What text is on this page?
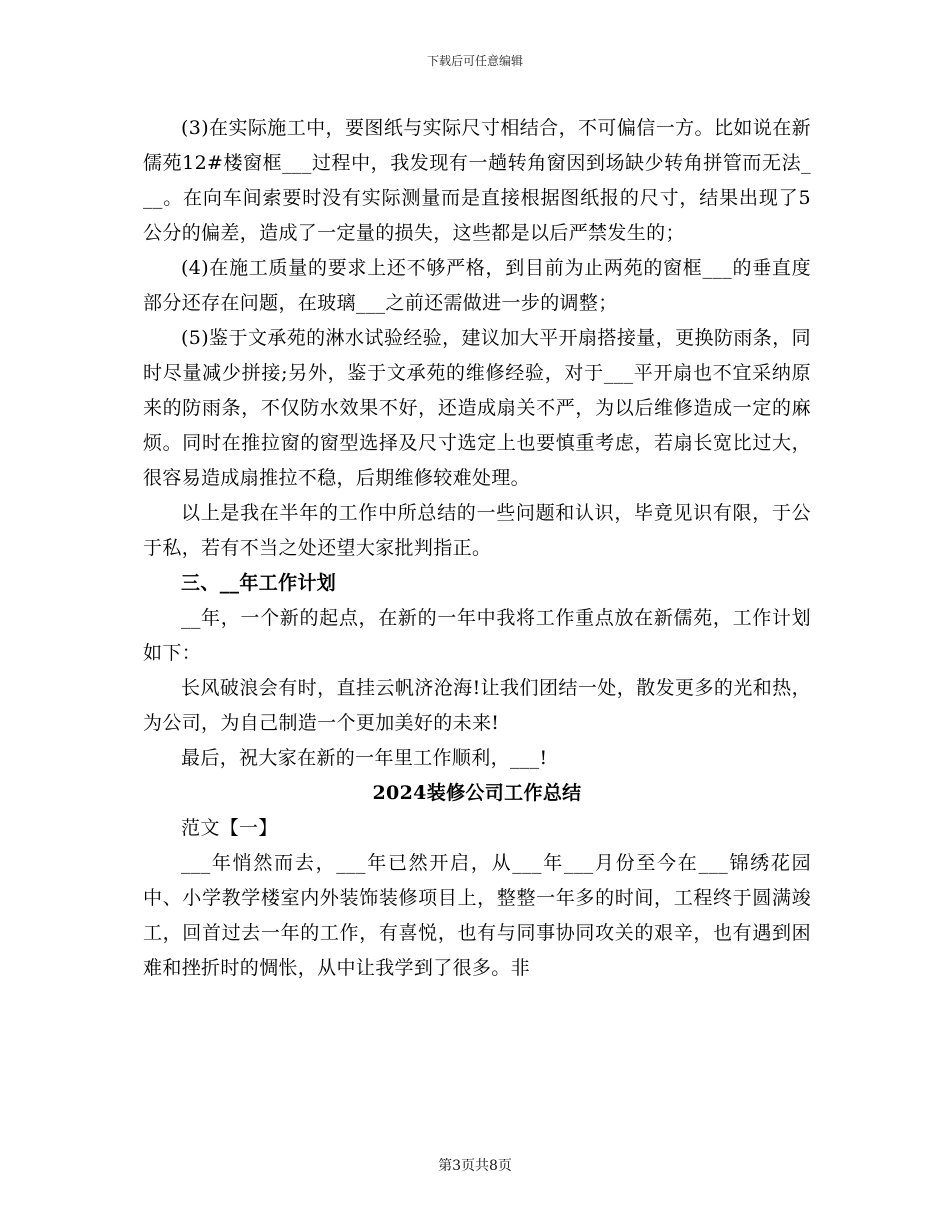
下载后可任意编辑

(3)在实际施工中，要图纸与实际尺寸相结合，不可偏信一方。比如说在新儒苑12#楼窗框___过程中，我发现有一趟转角窗因到场缺少转角拼管而无法___。在向车间索要时没有实际测量而是直接根据图纸报的尺寸，结果出现了5公分的偏差，造成了一定量的损失，这些都是以后严禁发生的；

(4)在施工质量的要求上还不够严格，到目前为止两苑的窗框___的垂直度部分还存在问题，在玻璃___之前还需做进一步的调整；

(5)鉴于文承苑的淋水试验经验，建议加大平开扇搭接量，更换防雨条，同时尽量减少拼接;另外，鉴于文承苑的维修经验，对于___平开扇也不宜采纳原来的防雨条，不仅防水效果不好，还造成扇关不严，为以后维修造成一定的麻烦。同时在推拉窗的窗型选择及尺寸选定上也要慎重考虑，若扇长宽比过大，很容易造成扇推拉不稳，后期维修较难处理。

以上是我在半年的工作中所总结的一些问题和认识，毕竟见识有限，于公于私，若有不当之处还望大家批判指正。

三、__年工作计划

__年，一个新的起点，在新的一年中我将工作重点放在新儒苑，工作计划如下：

长风破浪会有时，直挂云帆济沧海!让我们团结一处，散发更多的光和热，为公司，为自己制造一个更加美好的未来!

最后，祝大家在新的一年里工作顺利，___!

2024装修公司工作总结

范文【一】

___年悄然而去，___年已然开启，从___年___月份至今在___锦绣花园中、小学教学楼室内外装饰装修项目上，整整一年多的时间，工程终于圆满竣工，回首过去一年的工作，有喜悦，也有与同事协同攻关的艰辛，也有遇到困难和挫折时的惆怅，从中让我学到了很多。非

第3页共8页
